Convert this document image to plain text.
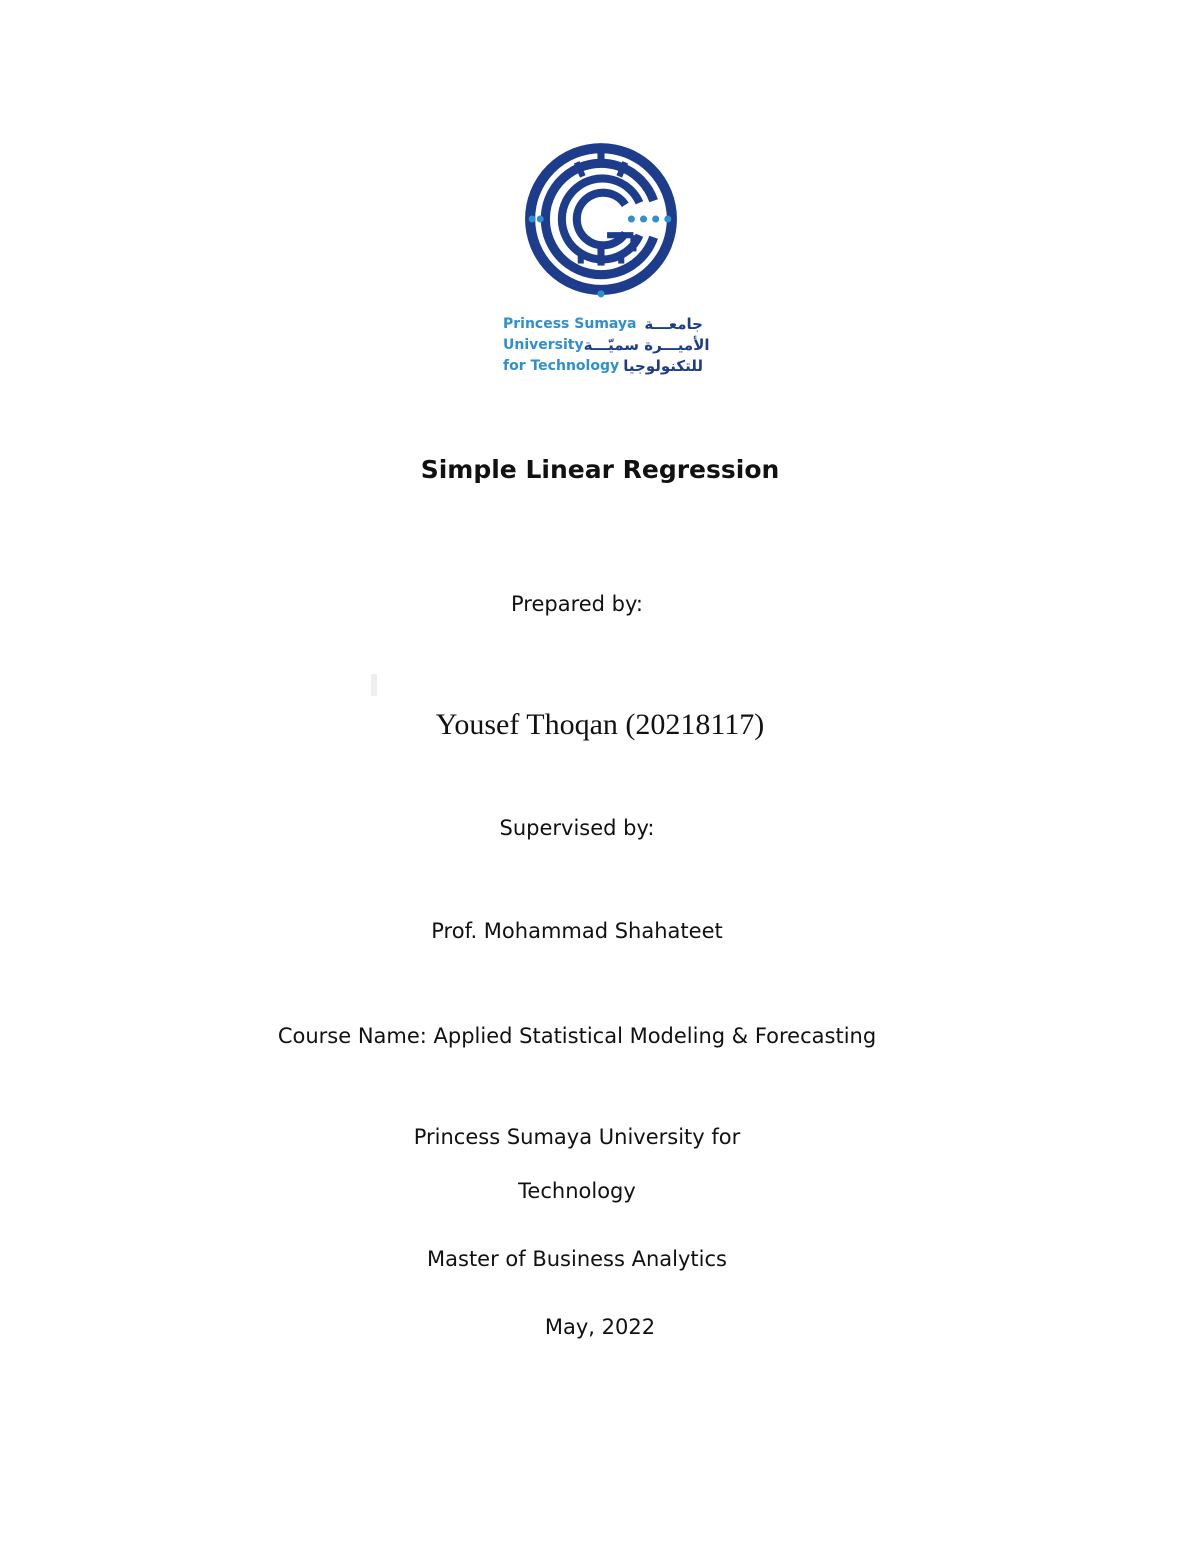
Princess Sumaya جامعـــة
University الأميـــرة سميّـــة
for Technology للتكنولوجيا
Simple Linear Regression
Prepared by:
Yousef Thoqan (20218117)
Supervised by:
Prof. Mohammad Shahateet
Course Name: Applied Statistical Modeling & Forecasting
Princess Sumaya University for
Technology
Master of Business Analytics
May, 2022
